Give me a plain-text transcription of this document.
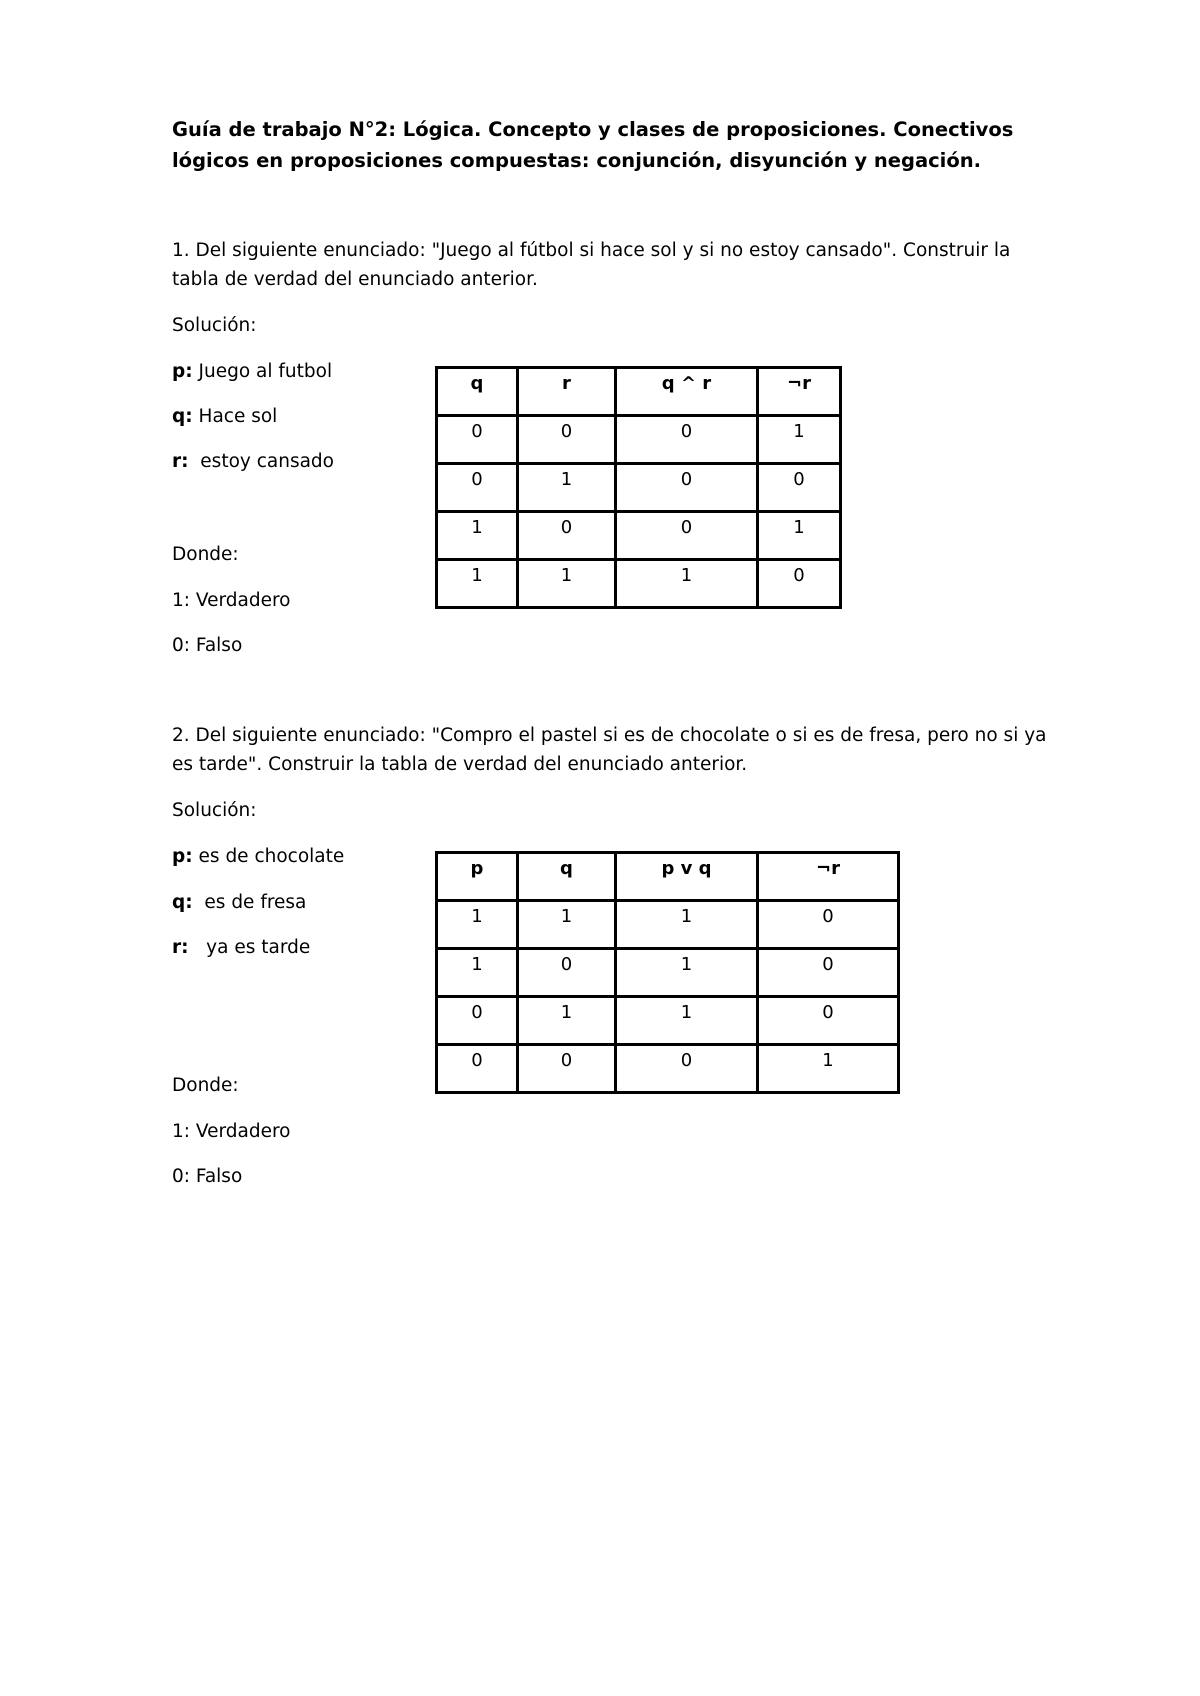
Guía de trabajo N°2: Lógica. Concepto y clases de proposiciones. Conectivos lógicos en proposiciones compuestas: conjunción, disyunción y negación.
1. Del siguiente enunciado: "Juego al fútbol si hace sol y si no estoy cansado". Construir la tabla de verdad del enunciado anterior.
Solución:
p: Juego al futbol
q: Hace sol
r:  estoy cansado
Donde:
1: Verdadero
0: Falso
q	r	q ^ r	¬r
0	0	0	1
0	1	0	0
1	0	0	1
1	1	1	0
2. Del siguiente enunciado: "Compro el pastel si es de chocolate o si es de fresa, pero no si ya es tarde". Construir la tabla de verdad del enunciado anterior.
Solución:
p: es de chocolate
q:  es de fresa
r:   ya es tarde
Donde:
1: Verdadero
0: Falso
p	q	p v q	¬r
1	1	1	0
1	0	1	0
0	1	1	0
0	0	0	1
